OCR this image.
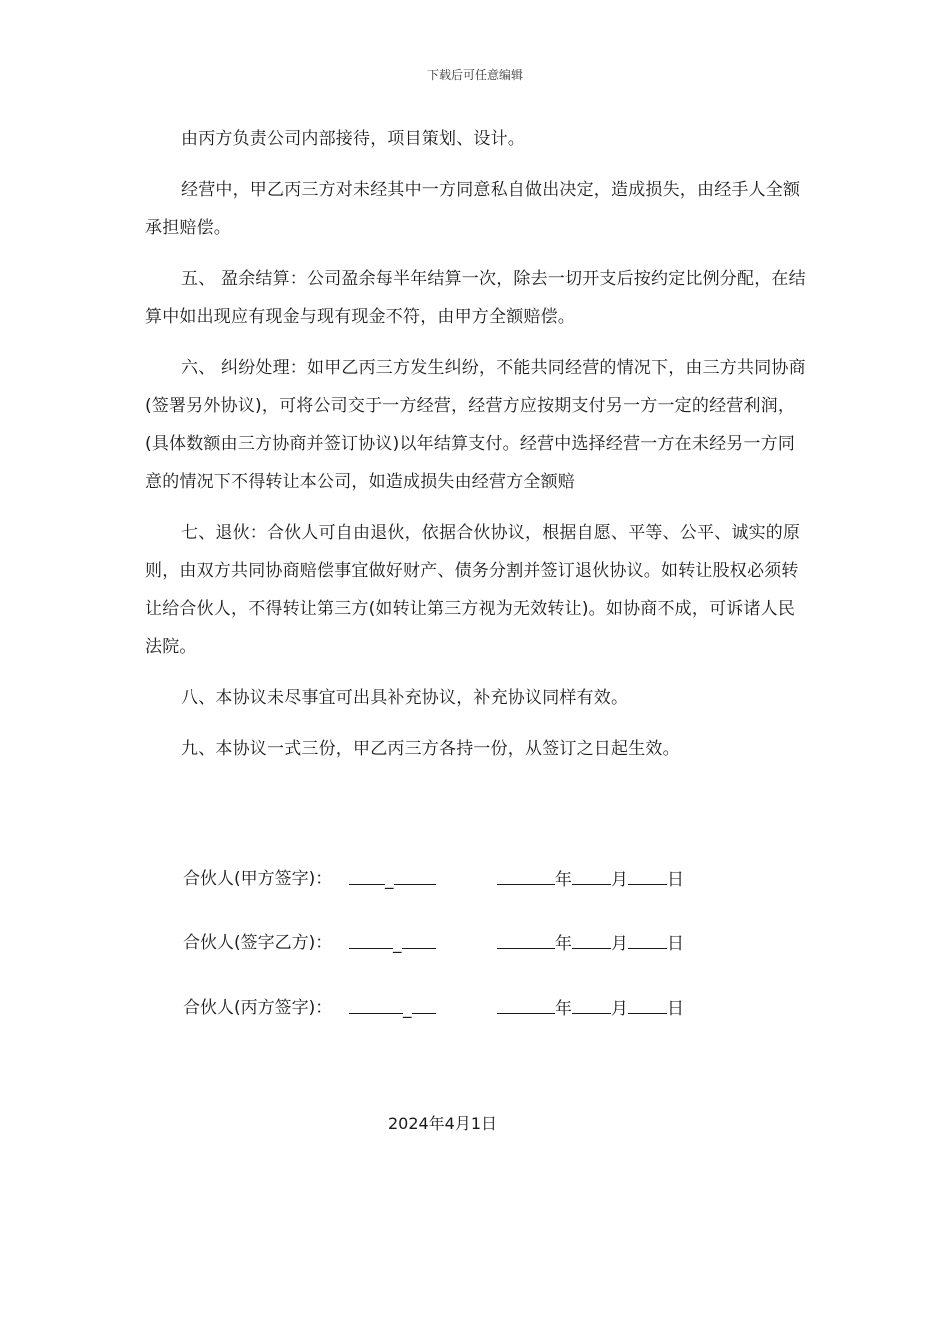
下载后可任意编辑

由丙方负责公司内部接待，项目策划、设计。

经营中，甲乙丙三方对未经其中一方同意私自做出决定，造成损失，由经手人全额承担赔偿。

五、 盈余结算：公司盈余每半年结算一次，除去一切开支后按约定比例分配，在结算中如出现应有现金与现有现金不符，由甲方全额赔偿。

六、 纠纷处理：如甲乙丙三方发生纠纷，不能共同经营的情况下，由三方共同协商(签署另外协议)，可将公司交于一方经营，经营方应按期支付另一方一定的经营利润，(具体数额由三方协商并签订协议)以年结算支付。经营中选择经营一方在未经另一方同意的情况下不得转让本公司，如造成损失由经营方全额赔

七、退伙：合伙人可自由退伙，依据合伙协议，根据自愿、平等、公平、诚实的原则，由双方共同协商赔偿事宜做好财产、债务分割并签订退伙协议。如转让股权必须转让给合伙人，不得转让第三方(如转让第三方视为无效转让)。如协商不成，可诉诸人民法院。

八、本协议未尽事宜可出具补充协议，补充协议同样有效。

九、本协议一式三份，甲乙丙三方各持一份，从签订之日起生效。

合伙人(甲方签字)：	_	年 月 日
合伙人(签字乙方)：	_	年 月 日
合伙人(丙方签字)：	_	年 月 日
2024年4月1日
